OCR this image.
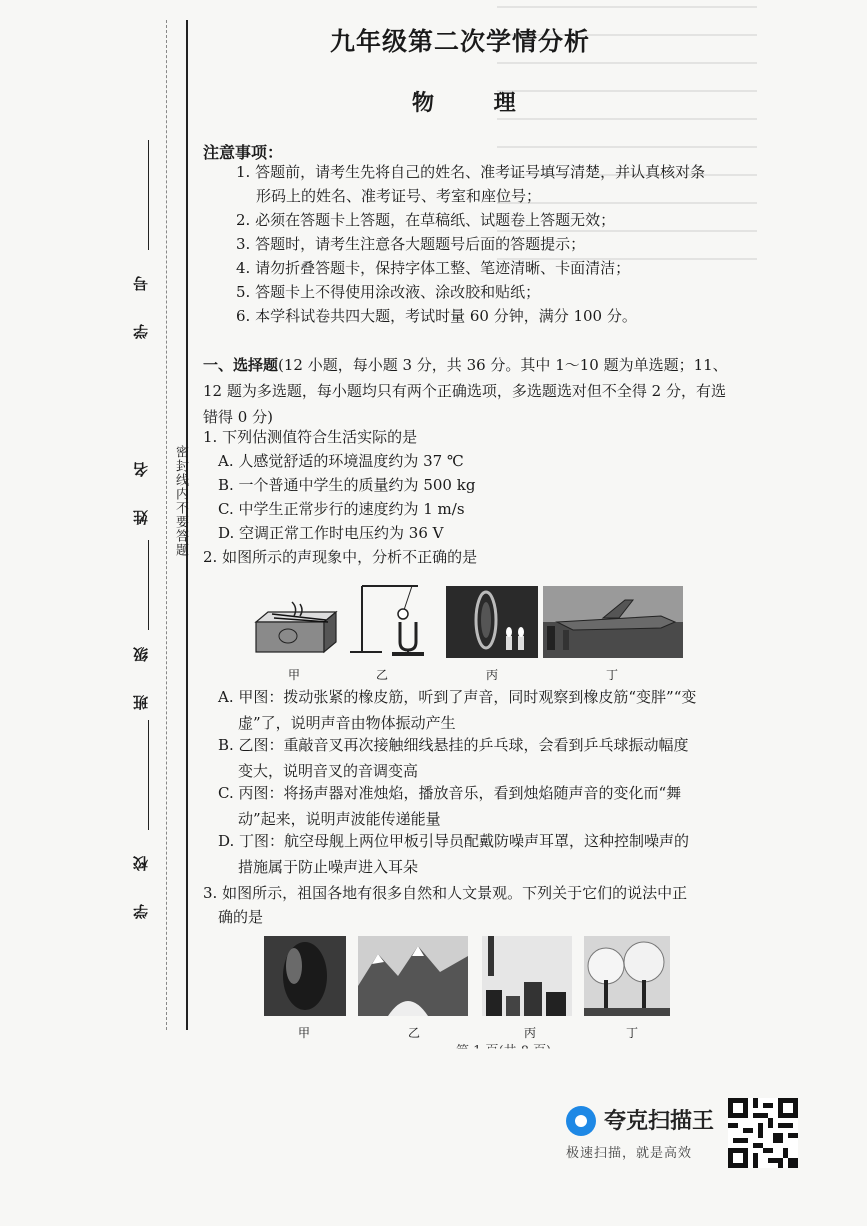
密封线内不要答题
学 号
姓 名
班 级
学 校
九年级第二次学情分析
物 理
注意事项：
1. 答题前，请考生先将自己的姓名、准考证号填写清楚，并认真核对条
形码上的姓名、准考证号、考室和座位号；
2. 必须在答题卡上答题，在草稿纸、试题卷上答题无效；
3. 答题时，请考生注意各大题题号后面的答题提示；
4. 请勿折叠答题卡，保持字体工整、笔迹清晰、卡面清洁；
5. 答题卡上不得使用涂改液、涂改胶和贴纸；
6. 本学科试卷共四大题，考试时量 60 分钟，满分 100 分。
一、选择题(12 小题，每小题 3 分，共 36 分。其中 1～10 题为单选题；11、12 题为多选题，每小题均只有两个正确选项，多选题选对但不全得 2 分，有选错得 0 分)
1. 下列估测值符合生活实际的是
A. 人感觉舒适的环境温度约为 37 ℃
B. 一个普通中学生的质量约为 500 kg
C. 中学生正常步行的速度约为 1 m/s
D. 空调正常工作时电压约为 36 V
2. 如图所示的声现象中，分析不正确的是
甲	乙	丙	丁
A. 甲图：拨动张紧的橡皮筋，听到了声音，同时观察到橡皮筋“变胖”“变
虚”了，说明声音由物体振动产生
B. 乙图：重敲音叉再次接触细线悬挂的乒乓球，会看到乒乓球振动幅度
变大，说明音叉的音调变高
C. 丙图：将扬声器对准烛焰，播放音乐，看到烛焰随声音的变化而“舞
动”起来，说明声波能传递能量
D. 丁图：航空母舰上两位甲板引导员配戴防噪声耳罩，这种控制噪声的
措施属于防止噪声进入耳朵
3. 如图所示，祖国各地有很多自然和人文景观。下列关于它们的说法中正
确的是
甲	乙	丙	丁
夸克扫描王
极速扫描，就是高效
